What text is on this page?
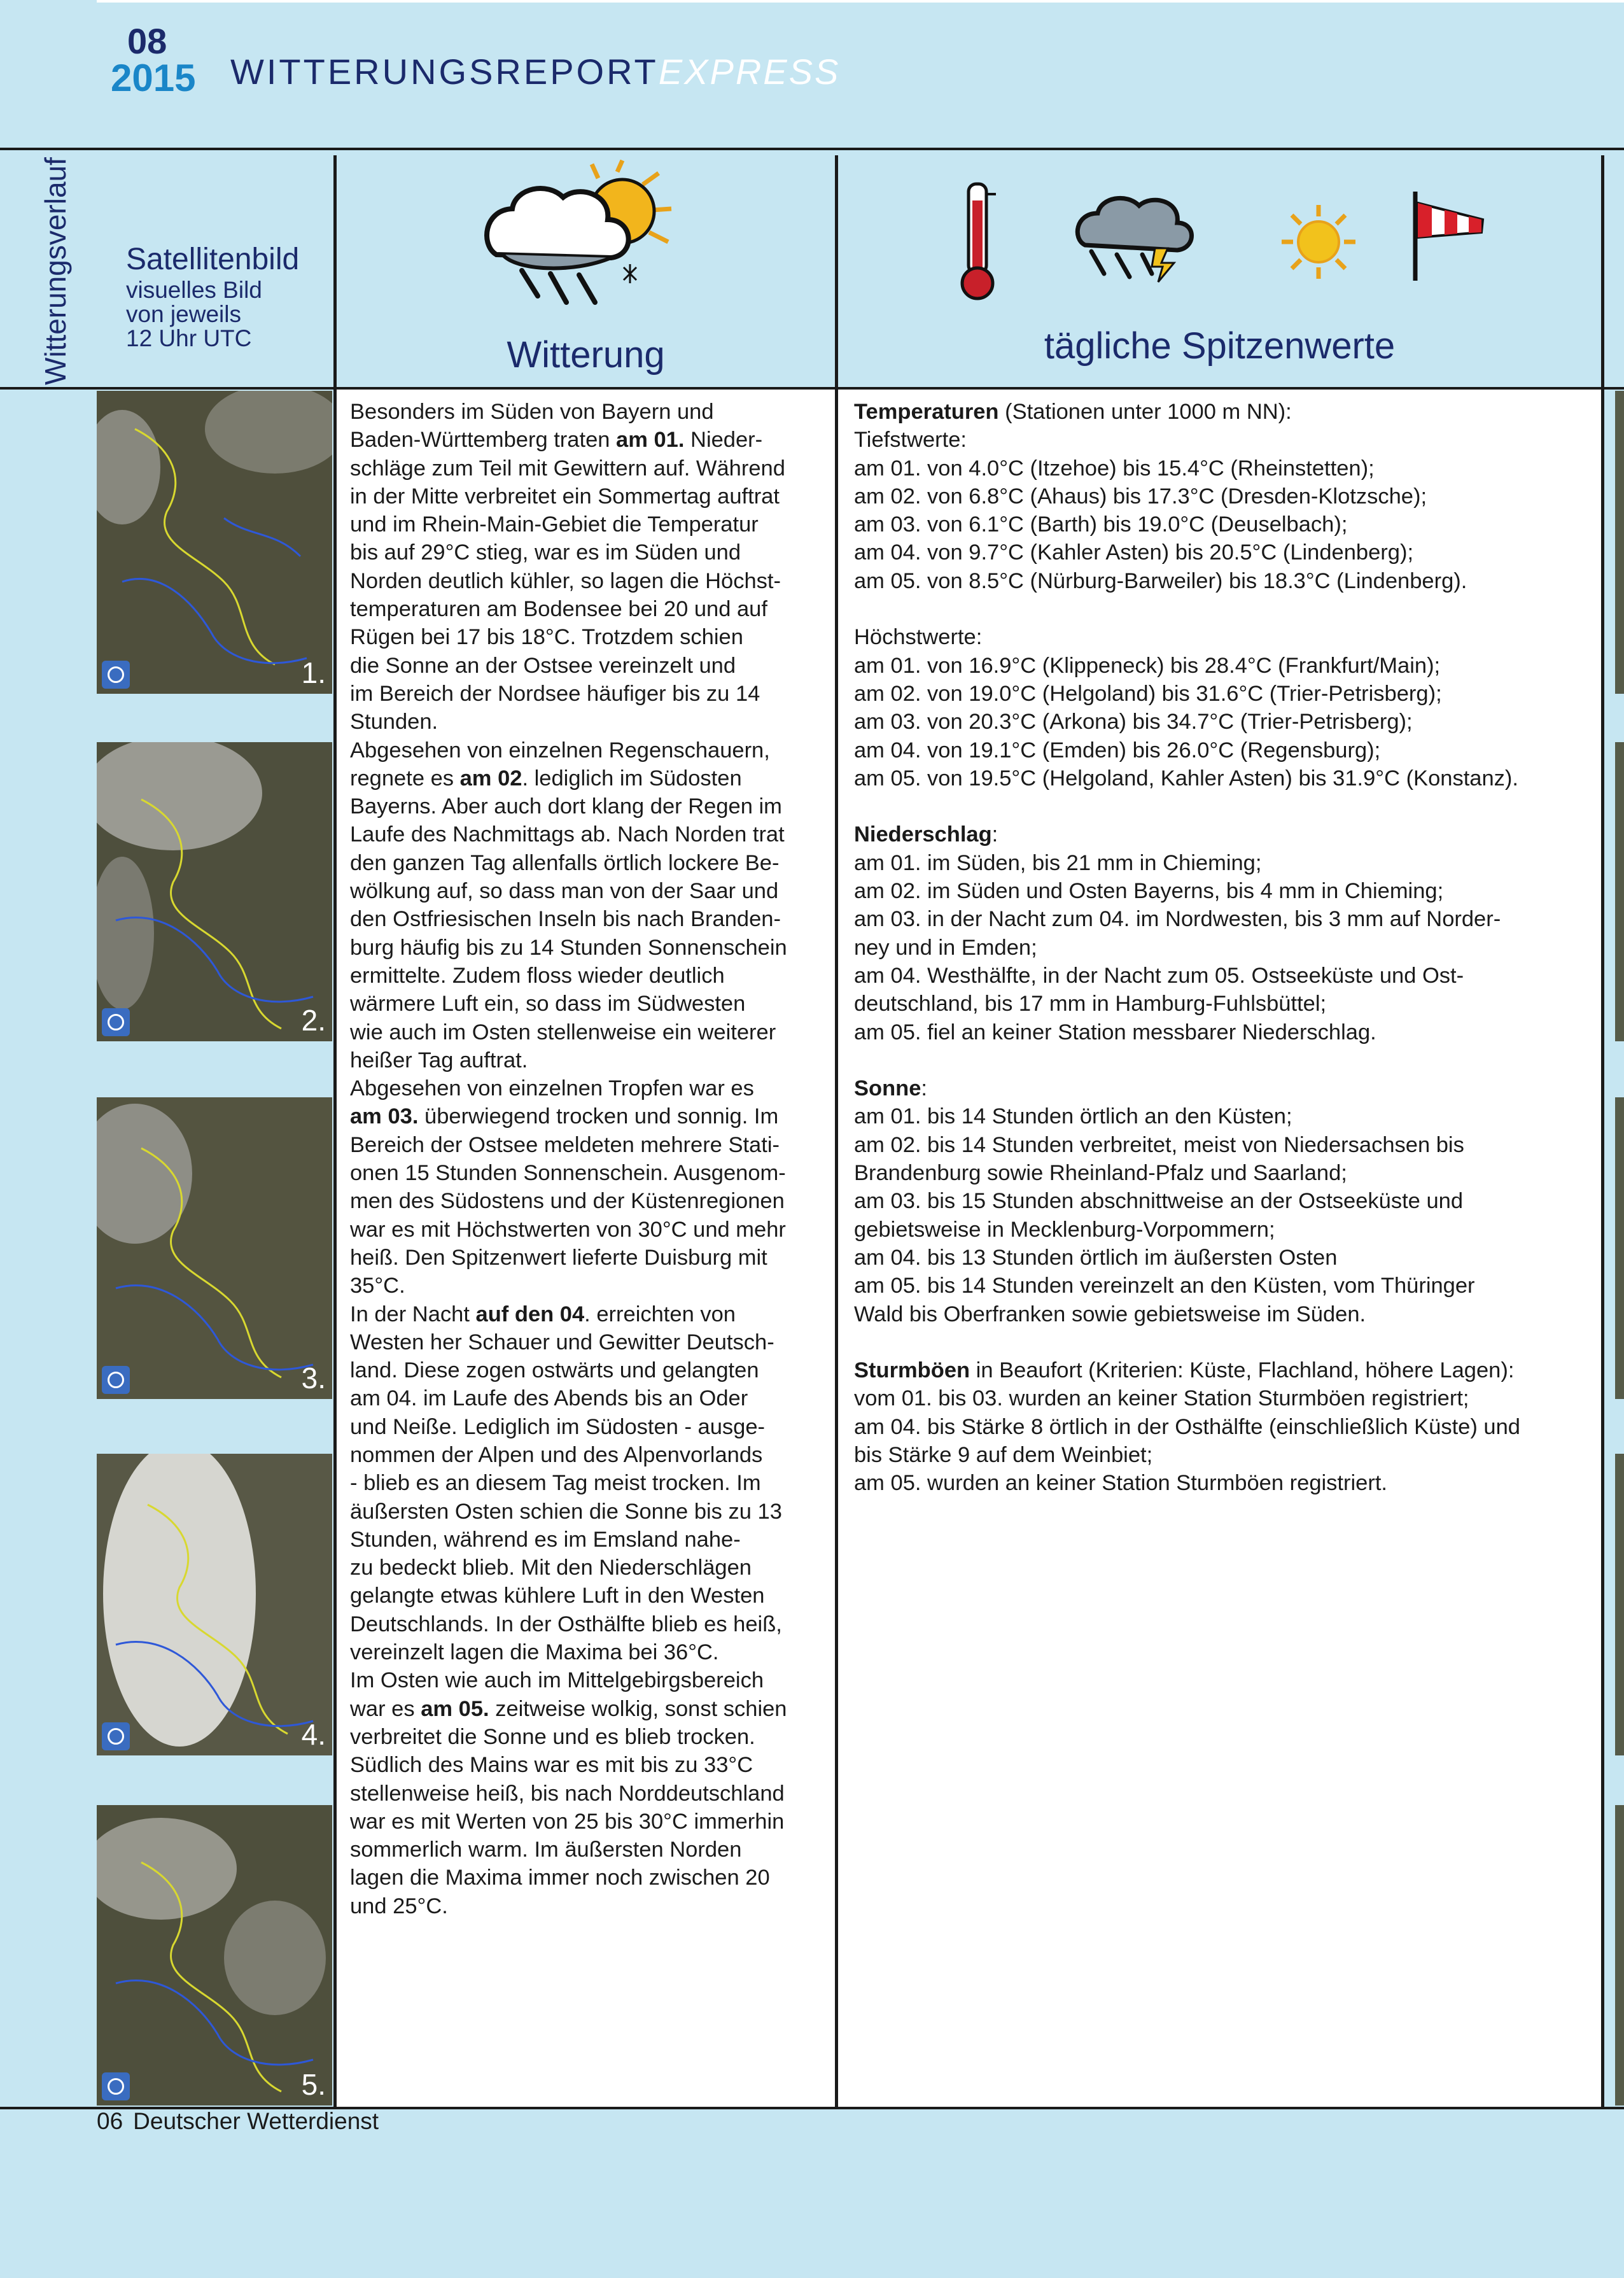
08
2015 WITTERUNGSREPORTEXPRESS
Witterungsverlauf Satellitenbild
visuelles Bild
von jeweils
12 Uhr UTC	Witterung	tägliche Spitzenwerte
1.
2.
3.
4.
5.

Besonders im Süden von Bayern und

Baden-Württemberg traten am 01. Nieder-

schläge zum Teil mit Gewittern auf. Während

in der Mitte verbreitet ein Sommertag auftrat

und im Rhein-Main-Gebiet die Temperatur

bis auf 29°C stieg, war es im Süden und

Norden deutlich kühler, so lagen die Höchst-

temperaturen am Bodensee bei 20 und auf

Rügen bei 17 bis 18°C. Trotzdem schien

die Sonne an der Ostsee vereinzelt und

im Bereich der Nordsee häufiger bis zu 14

Stunden.

Abgesehen von einzelnen Regenschauern,

regnete es am 02. lediglich im Südosten

Bayerns. Aber auch dort klang der Regen im

Laufe des Nachmittags ab. Nach Norden trat

den ganzen Tag allenfalls örtlich lockere Be-

wölkung auf, so dass man von der Saar und

den Ostfriesischen Inseln bis nach Branden-

burg häufig bis zu 14 Stunden Sonnenschein

ermittelte. Zudem floss wieder deutlich

wärmere Luft ein, so dass im Südwesten

wie auch im Osten stellenweise ein weiterer

heißer Tag auftrat.

Abgesehen von einzelnen Tropfen war es

am 03. überwiegend trocken und sonnig. Im

Bereich der Ostsee meldeten mehrere Stati-

onen 15 Stunden Sonnenschein. Ausgenom-

men des Südostens und der Küstenregionen

war es mit Höchstwerten von 30°C und mehr

heiß. Den Spitzenwert lieferte Duisburg mit

35°C.

In der Nacht auf den 04. erreichten von

Westen her Schauer und Gewitter Deutsch-

land. Diese zogen ostwärts und gelangten

am 04. im Laufe des Abends bis an Oder

und Neiße. Lediglich im Südosten - ausge-

nommen der Alpen und des Alpenvorlands

- blieb es an diesem Tag meist trocken. Im

äußersten Osten schien die Sonne bis zu 13

Stunden, während es im Emsland nahe-

zu bedeckt blieb. Mit den Niederschlägen

gelangte etwas kühlere Luft in den Westen

Deutschlands. In der Osthälfte blieb es heiß,

vereinzelt lagen die Maxima bei 36°C.

Im Osten wie auch im Mittelgebirgsbereich

war es am 05. zeitweise wolkig, sonst schien

verbreitet die Sonne und es blieb trocken.

Südlich des Mains war es mit bis zu 33°C

stellenweise heiß, bis nach Norddeutschland

war es mit Werten von 25 bis 30°C immerhin

sommerlich warm. Im äußersten Norden

lagen die Maxima immer noch zwischen 20

und 25°C.

Temperaturen (Stationen unter 1000 m NN):

Tiefstwerte:

am 01. von 4.0°C (Itzehoe) bis 15.4°C (Rheinstetten);

am 02. von 6.8°C (Ahaus) bis 17.3°C (Dresden-Klotzsche);

am 03. von 6.1°C (Barth) bis 19.0°C (Deuselbach);

am 04. von 9.7°C (Kahler Asten) bis 20.5°C (Lindenberg);

am 05. von 8.5°C (Nürburg-Barweiler) bis 18.3°C (Lindenberg).

Höchstwerte:

am 01. von 16.9°C (Klippeneck) bis 28.4°C (Frankfurt/Main);

am 02. von 19.0°C (Helgoland) bis 31.6°C (Trier-Petrisberg);

am 03. von 20.3°C (Arkona) bis 34.7°C (Trier-Petrisberg);

am 04. von 19.1°C (Emden) bis 26.0°C (Regensburg);

am 05. von 19.5°C (Helgoland, Kahler Asten) bis 31.9°C (Konstanz).

Niederschlag:

am 01. im Süden, bis 21 mm in Chieming;

am 02. im Süden und Osten Bayerns, bis 4 mm in Chieming;

am 03. in der Nacht zum 04. im Nordwesten, bis 3 mm auf Norder-

ney und in Emden;

am 04. Westhälfte, in der Nacht zum 05. Ostseeküste und Ost-

deutschland, bis 17 mm in Hamburg-Fuhlsbüttel;

am 05. fiel an keiner Station messbarer Niederschlag.

Sonne:

am 01. bis 14 Stunden örtlich an den Küsten;

am 02. bis 14 Stunden verbreitet, meist von Niedersachsen bis

Brandenburg sowie Rheinland-Pfalz und Saarland;

am 03. bis 15 Stunden abschnittweise an der Ostseeküste und

gebietsweise in Mecklenburg-Vorpommern;

am 04. bis 13 Stunden örtlich im äußersten Osten

am 05. bis 14 Stunden vereinzelt an den Küsten, vom Thüringer

Wald bis Oberfranken sowie gebietsweise im Süden.

Sturmböen in Beaufort (Kriterien: Küste, Flachland, höhere Lagen):

vom 01. bis 03. wurden an keiner Station Sturmböen registriert;

am 04. bis Stärke 8 örtlich in der Osthälfte (einschließlich Küste) und

bis Stärke 9 auf dem Weinbiet;

am 05. wurden an keiner Station Sturmböen registriert.

06 Deutscher Wetterdienst
